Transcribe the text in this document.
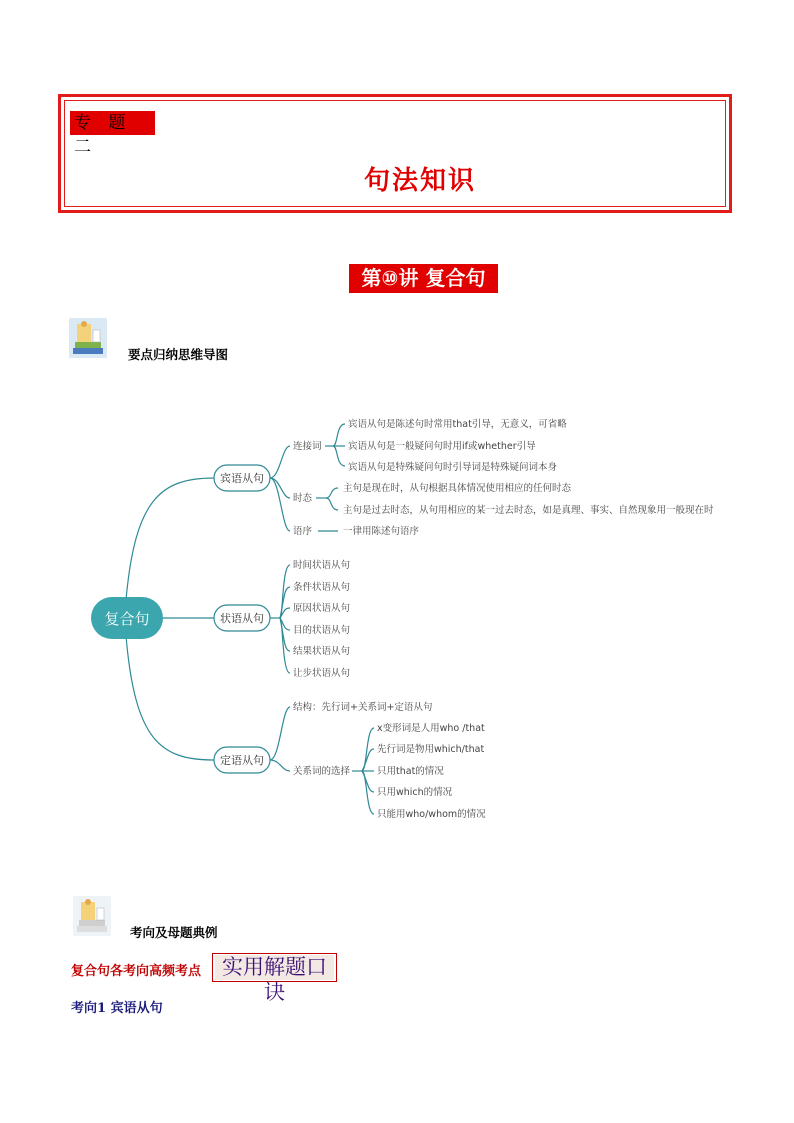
专 题 二
句法知识
第⑩讲 复合句
要点归纳思维导图
复合句
宾语从句
状语从句
定语从句
连接词
宾语从句是陈述句时常用that引导，无意义，可省略
宾语从句是一般疑问句时用if或whether引导
宾语从句是特殊疑问句时引导词是特殊疑问词本身
时态
主句是现在时，从句根据具体情况使用相应的任何时态
主句是过去时态，从句用相应的某一过去时态，如是真理、事实、自然现象用一般现在时
语序	一律用陈述句语序
时间状语从句
条件状语从句
原因状语从句
目的状语从句
结果状语从句
让步状语从句
结构：先行词+关系词+定语从句
关系词的选择
x变形词是人用who /that
先行词是物用which/that
只用that的情况
只用which的情况
只能用who/whom的情况
考向及母题典例
复合句各考向高频考点 实用解题口诀
考向1 宾语从句
